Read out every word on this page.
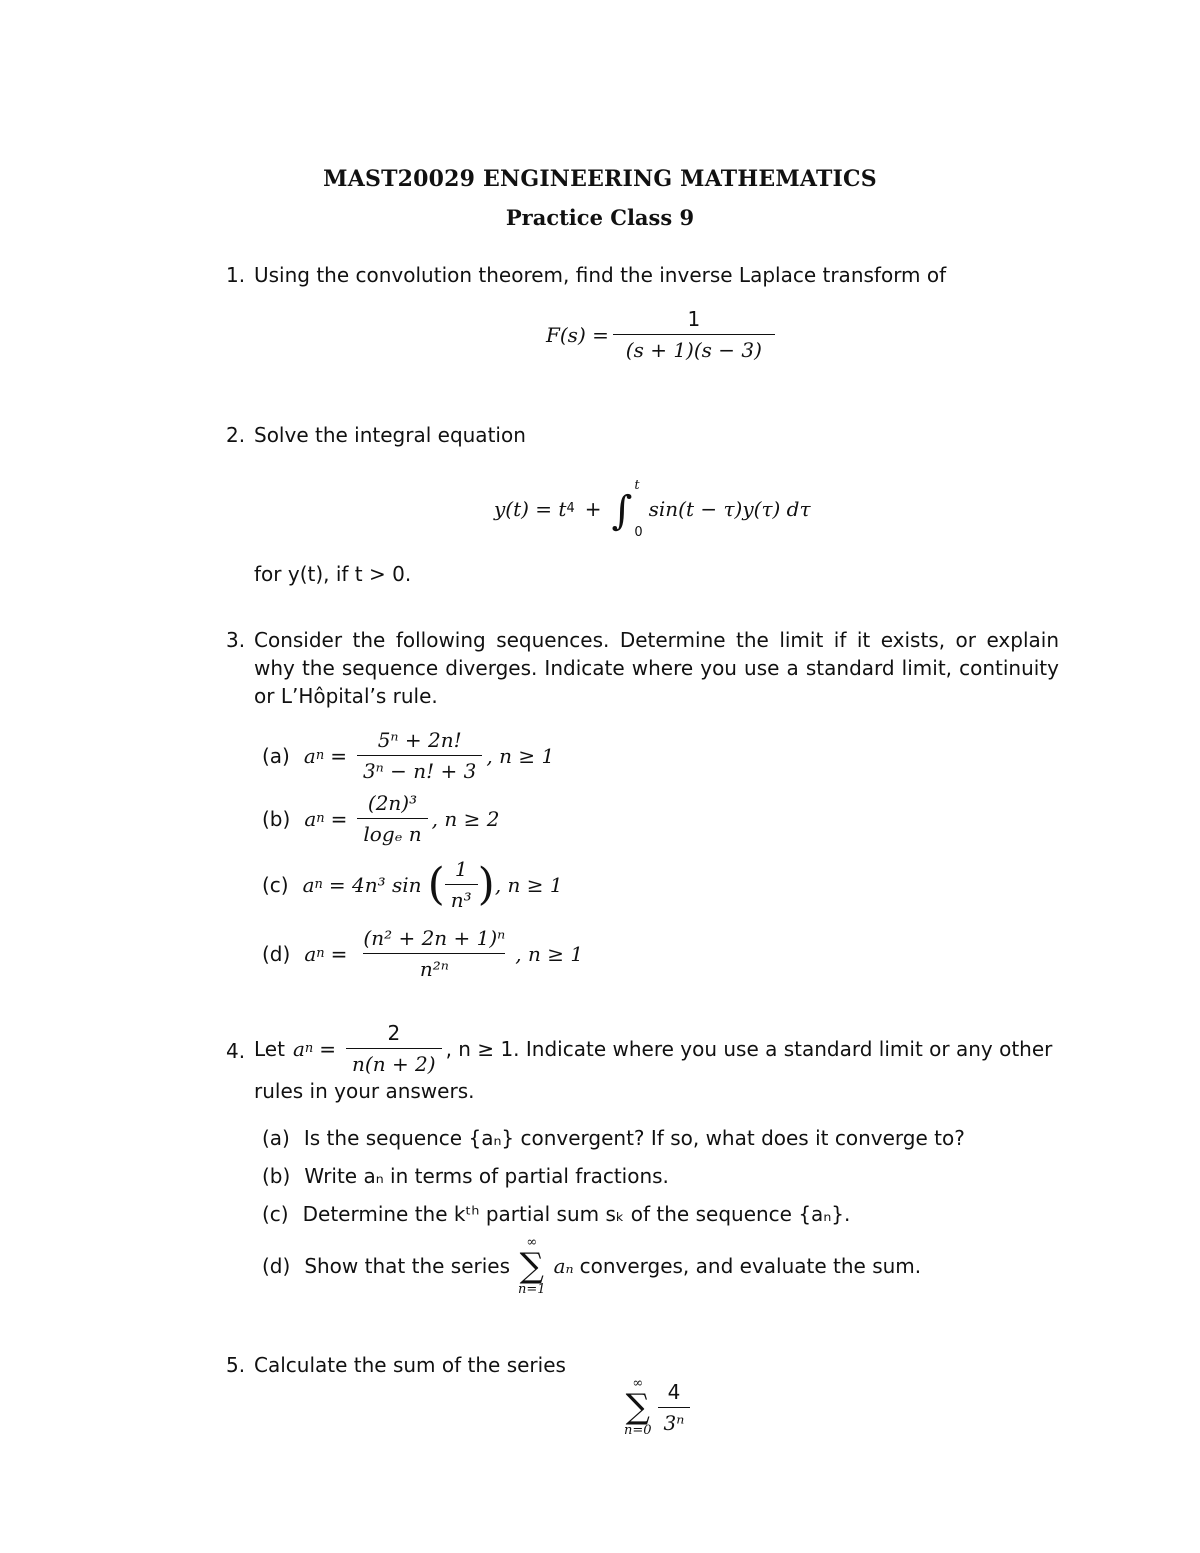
MAST20029 ENGINEERING MATHEMATICS
Practice Class 9
1. Using the convolution theorem, find the inverse Laplace transform of
$F(s) = \frac{1}{(s + 1)(s - 3)}$
2. Solve the integral equation
y(t) = t 4 + ∫
t
0
sin(t − τ)y(τ) dτ
for y(t), if t > 0.
3. Consider the following sequences. Determine the limit if it exists, or explain why the sequence diverges. Indicate where you use a standard limit, continuity or L’Hôpital’s rule.
(a) a $n = \frac{\text{5ⁿ + 2n!}}{\text{3ⁿ − n! + 3}}$ , n ≥ 1
(b) a $n = \frac{\text{(2n)³}}{\text{logₑ n}}$ , n ≥ 2
(c) a n = 4n³ sin ( $\frac{1}{\text{n³}}$ ) , n ≥ 1
(d) a $n = \frac{\text{(n² + 2n + 1)ⁿ}}{\text{n²ⁿ}}$ , n ≥ 1
4. Let a $n = \frac{2}{n(n + 2)}$ , n ≥ 1. Indicate where you use a standard limit or any other
rules in your answers.
(a) Is the sequence {aₙ} convergent? If so, what does it converge to?
(b) Write aₙ in terms of partial fractions.
(c) Determine the kᵗʰ partial sum sₖ of the sequence {aₙ}.
(d) Show that the series
∞
∑
n=1
aₙ converges, and evaluate the sum.
5. Calculate the sum of the series
∞
∑
$n=0 \frac{4}{\text{3ⁿ}}$
